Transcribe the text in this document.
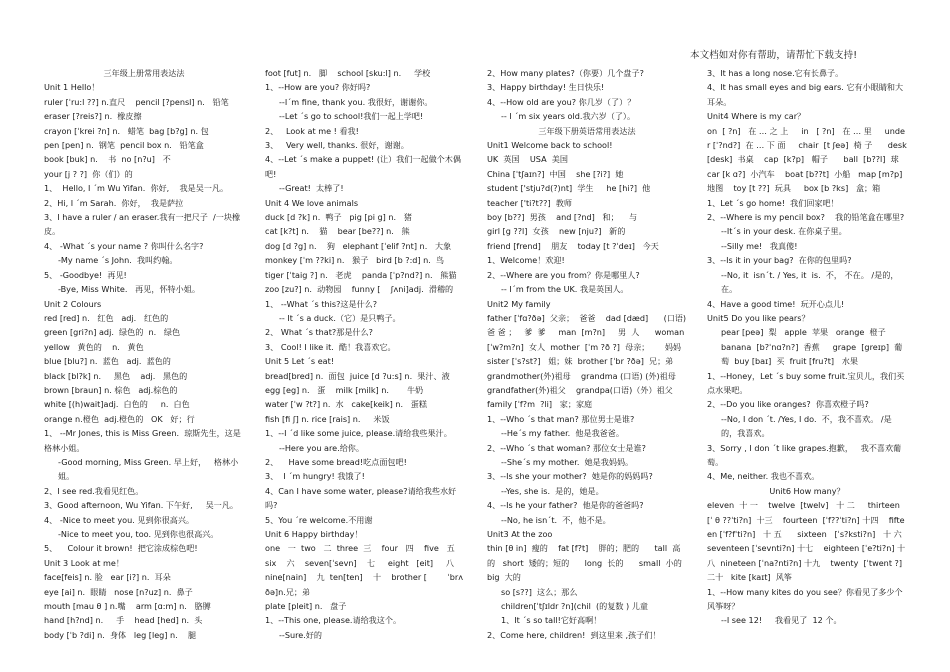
本文档如对你有帮助，请帮忙下载支持!
三年级上册常用表达法
Unit 1 Hello！
ruler [ˈru:l ??] n.直尺    pencil [?pensl] n.   铅笔
eraser [?reis?] n.  橡皮擦
crayon [ˈkrei ?n] n.   蜡笔  bag [b?g] n. 包
pen [pen] n.  钢笔  pencil box n.   铅笔盒
book [buk] n.    书  no [n?u]   不
your [j ? ?]  你（们）的
1、  Hello, I ˊm Wu Yifan.  你好,    我是吴一凡。
2、Hi, I ˊm Sarah.  你好，  我是萨拉
3、I have a ruler / an eraser.我有一把尺子  /一块橡皮。
4、 -What ˊs your name ? 你叫什么名字?
-My name ˊs John.  我叫约翰。
5、 -Goodbye!  再见!
-Bye, Miss White.   再见，怀特小姐。
Unit 2 Colours
red [red] n.   红色   adj.   红色的
green [gri?n] adj.  绿色的  n.   绿色
yellow   黄色的    n.   黄色
blue [blu?] n.  蓝色   adj.  蓝色的
black [bl?k] n.     黑色    adj.   黑色的
brown [braun] n. 棕色   adj.棕色的
white [(h)wait]adj.  白色的     n.  白色
orange n.橙色  adj.橙色的   OK   好；行
1、 --Mr Jones, this is Miss Green.  琼斯先生，这是格林小姐。
-Good morning, Miss Green. 早上好，   格林小姐。
2、I see red.我看见红色。
3、Good afternoon, Wu Yifan. 下午好,     吴一凡。
4、 -Nice to meet you. 见到你很高兴。
-Nice to meet you, too. 见到你也很高兴。
5、    Colour it brown!  把它涂成棕色吧!
Unit 3 Look at me！
face[feis] n. 脸   ear [i?] n.  耳朵
eye [ai] n.  眼睛   nose [n?uz] n.  鼻子
mouth [mau θ ] n.嘴    arm [ɑ:m] n.   胳膊
hand [h?nd] n.     手    head [hed] n.  头
body [ˈb ?di] n.  身体   leg [leg] n.    腿
foot [fut] n.   脚    school [sku:l] n.     学校
1、--How are you? 你好吗?
--Iˊm fine, thank you. 我很好，谢谢你。
--Let ˊs go to school!我们一起上学吧!
2、   Look at me ! 看我!
3、   Very well, thanks. 很好，谢谢。
4、--Let ˊs make a puppet! (让）我们一起做个木偶吧!
--Great!  太棒了!
Unit 4 We love animals
duck [d ?k] n.  鸭子   pig [pi g] n.   猪
cat [k?t] n.    猫    bear [be??] n.   熊
dog [d ?g] n.    狗   elephant [ˈelif ?nt] n.   大象
monkey [ˈm ??ki] n.   猴子   bird [b ?:d] n.  鸟
tiger [ˈtaig ?] n.   老虎    panda [ˈp?nd?] n.   熊猫
zoo [zu?] n.  动物园    funny [    ʃʌni]adj.  滑稽的
1、 --What ˊs this?这是什么?
-- It ˊs a duck.（它）是只鸭子。
2、 What ˊs that?那是什么?
3、 Cool! I like it.  酷！我喜欢它。
Unit 5 Let ˊs eat!
bread[bred] n.  面包  juice [d ?u:s] n.  果汁、液
egg [eg] n.   蛋    milk [milk] n.       牛奶
water [ˈw ?t?] n.  水   cake[keik] n.   蛋糕
fish [fi ʃ] n. rice [rais] n.     米饭
1、--I ˊd like some juice, please.请给我些果汁。
--Here you are.给你。
2、    Have some bread!吃点面包吧!
3、  I ˊm hungry! 我饿了!
4、Can I have some water, please?请给我些水好吗?
5、You ˊre welcome.不用谢
Unit 6 Happy birthday！
one   一  two   二  three  三    four   四    five   五
six    六    seven[ˈsevn]    七     eight   [eit]     八
nine[nain]    九  ten[ten]    十    brother [        ˈbrʌðə]n.兄；弟
plate [pleit] n.   盘子
1、--This one, please.请给我这个。
--Sure.好的
2、How many plates?（你要）几个盘子?
3、Happy birthday! 生日快乐!
4、--How old are you? 你几岁（了）？
-- I ˊm six years old.我六岁（了）。
三年级下册英语常用表达法
Unit1 Welcome back to school!
UK  英国    USA  美国
China [ˈtʃaɪn?]  中国    she [?i?]  她
student ['stju?d(?)nt]  学生     he [hi?]  他
teacher ['ti?t??]  教师
boy [b??]  男孩    and [?nd]   和；    与
girl [g ??l]  女孩    new [nju?]   新的
friend [frend]    朋友    today [t ?ˈdeɪ]   今天
1、Welcome！欢迎!
2、--Where are you from？你是哪里人?
-- Iˊm from the UK. 我是英国人。
Unit2 My family
father [ˈfɑ?ðə]  父亲；  爸爸    dad [dæd]      (口语)爸 爸 ；   爹  爹     man  [m?n]     男  人      woman
[ˈw?m?n]  女人  mother  [ˈm ?ð ?]  母亲；      妈妈
sister [ˈs?st?]   姐；妹  brother [ˈbr ?ðə]  兄；弟
grandmother(外)祖母    grandma (口语) (外)祖母   grandfather(外)祖父    grandpa(口语)（外）祖父     family [ˈf?m  ?li]   家；家庭
1、--Who ˊs that man? 那位男士是谁?
--Heˊs my father.  他是我爸爸。
2、--Who ˊs that woman? 那位女士是谁?
--Sheˊs my mother.  她是我妈妈。
3、--Is she your mother?  她是你的妈妈吗?
--Yes, she is.  是的，她是。
4、--Is he your father?  他是你的爸爸吗?
--No, he isnˊt.  不，他不是。
Unit3 At the zoo
thin [θ in]  瘦的    fat [f?t]    胖的；肥的      tall  高的   short  矮的；短的      long  长的      small  小的
big  大的
so [s??]  这么；那么
children[ˈtʃɪldr ?n](chil  (的复数 ) 儿童
1、It ˊs so tall!它好高啊！
2、Come here, children!  到这里来 ,孩子们！
3、It has a long nose.它有长鼻子。
4、It has small eyes and big ears. 它有小眼睛和大耳朵。
Unit4 Where is my car？
on  [ ?n]   在 … 之 上     in   [ ?n]   在 … 里     under [ˈ?nd?]  在 … 下 面     chair  [t ʃeə]  椅 子      desk [desk]  书桌    cap  [k?p]   帽子      ball  [b??l]  球
car [k ɑ?]  小汽车    boat [b??t]  小船   map [m?p] 地图    toy [t ??]  玩具     box [b ?ks]   盒；箱
1、Let ˊs go home!  我们回家吧！
2、--Where is my pencil box?    我的铅笔盒在哪里?
--Itˊs in your desk. 在你桌子里。
--Silly me!   我真傻!
3、--Is it in your bag?  在你的包里吗?
--No, it  isnˊt. / Yes, it  is.  不， 不在。 /是的，在。
4、Have a good time!  玩开心点儿!
Unit5 Do you like pears？
pear [peə]  梨   apple  苹果   orange  橙子
banana  [b?ˈnɑ?n?]  香蕉     grape  [greɪp]  葡萄  buy [baɪ]  买  fruit [fru?t]   水果
1、--Honey，Let ˊs buy some fruit.宝贝儿，我们买点水果吧。
2、--Do you like oranges?  你喜欢橙子吗?
--No, I don ˊt. /Yes, I do.  不，我不喜欢。 /是的，我喜欢。
3、Sorry , I don ˊt like grapes.抱歉，   我不喜欢葡萄。
4、Me, neither. 我也不喜欢。
Unit6 How many？
eleven  十 一    twelve  [twelv]   十 二     thirteen [ˈ θ ??ˈti?n]  十三    fourteen  [ˈf??ˈti?n] 十四    fifteen [ˈf?fˈti?n]   十 五      sixteen   [ˈs?ksti?n]   十 六 seventeen [ˈsevnti?n] 十七    eighteen [ˈe?ti?n] 十八  nineteen [ˈna?nti?n] 十九    twenty  [ˈtwent ?] 二十   kite [kaɪt]  风筝
1、--How many kites do you see？你看见了多少个风筝呀？
--I see 12!     我看见了  12 个。
